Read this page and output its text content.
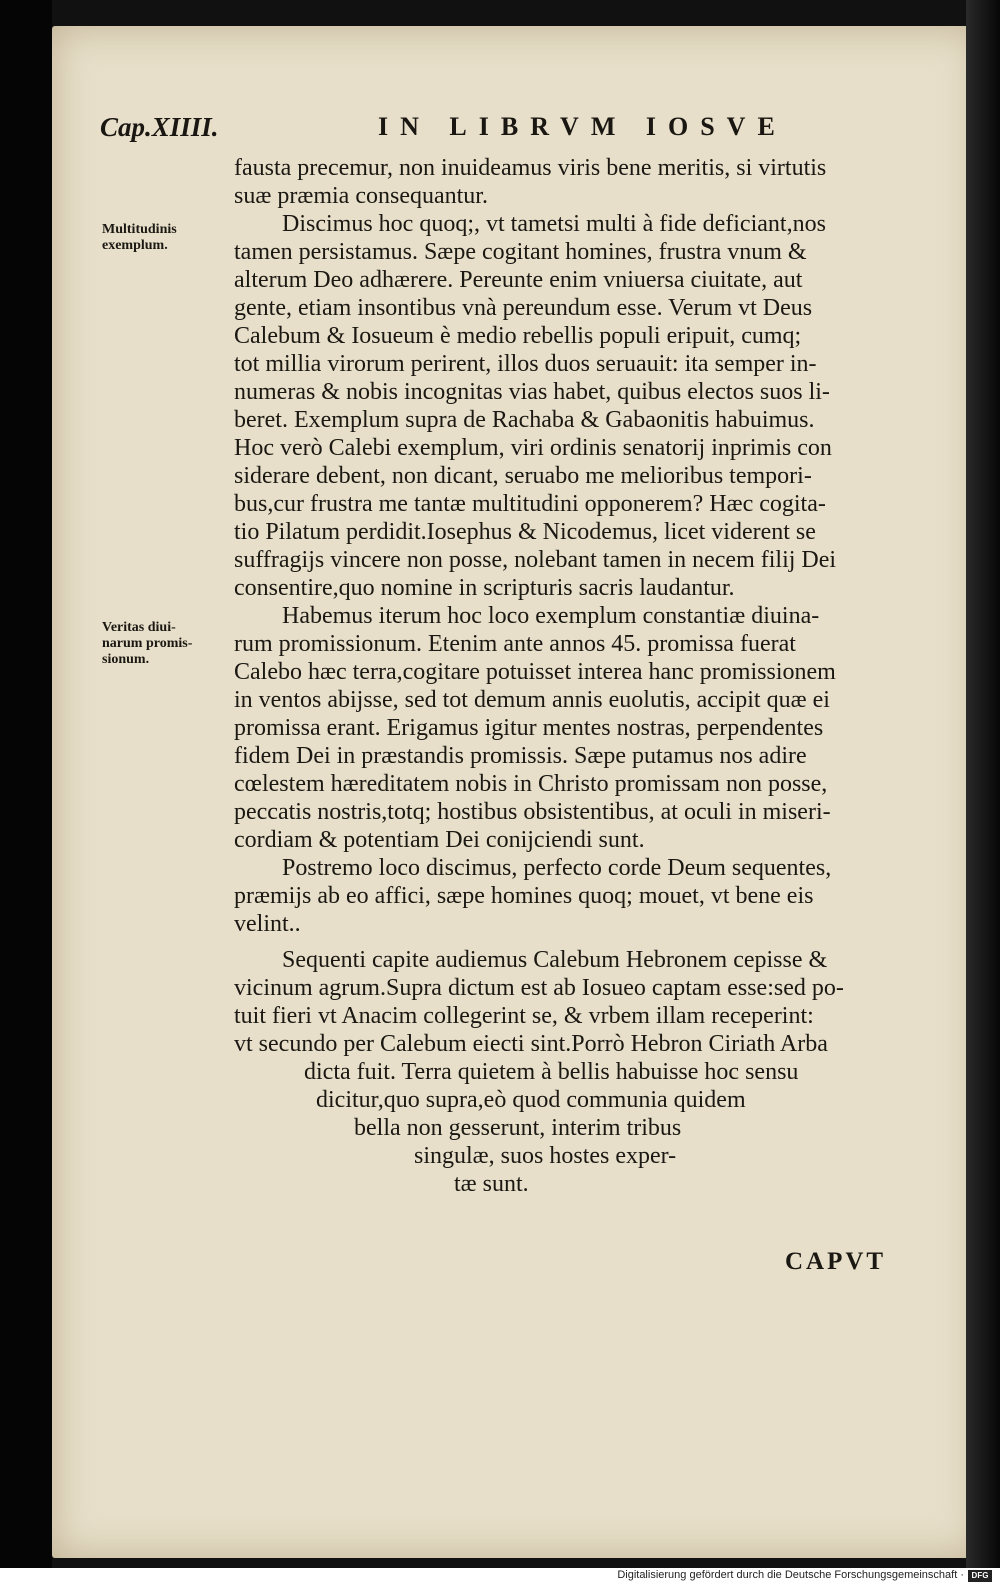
Cap.XIIII.	IN LIBRVM IOSVE
Multitudinis
exemplum.
Veritas diui-
narum promis-
sionum.
fausta precemur, non inuideamus viris bene meritis, si virtutis
suæ præmia consequantur.
Discimus hoc quoq;, vt tametsi multi à fide deficiant,nos
tamen persistamus. Sæpe cogitant homines, frustra vnum &
alterum Deo adhærere. Pereunte enim vniuersa ciuitate, aut
gente, etiam insontibus vnà pereundum esse. Verum vt Deus
Calebum & Iosueum è medio rebellis populi eripuit, cumq;
tot millia virorum perirent, illos duos seruauit: ita semper in-
numeras & nobis incognitas vias habet, quibus electos suos li-
beret. Exemplum supra de Rachaba & Gabaonitis habuimus.
Hoc verò Calebi exemplum, viri ordinis senatorij inprimis con
siderare debent, non dicant, seruabo me melioribus tempori-
bus,cur frustra me tantæ multitudini opponerem? Hæc cogita-
tio Pilatum perdidit.Iosephus & Nicodemus, licet viderent se
suffragijs vincere non posse, nolebant tamen in necem filij Dei
consentire,quo nomine in scripturis sacris laudantur.
Habemus iterum hoc loco exemplum constantiæ diuina-
rum promissionum. Etenim ante annos 45. promissa fuerat
Calebo hæc terra,cogitare potuisset interea hanc promissionem
in ventos abijsse, sed tot demum annis euolutis, accipit quæ ei
promissa erant. Erigamus igitur mentes nostras, perpendentes
fidem Dei in præstandis promissis. Sæpe putamus nos adire
cœlestem hæreditatem nobis in Christo promissam non posse,
peccatis nostris,totq; hostibus obsistentibus, at oculi in miseri-
cordiam & potentiam Dei conijciendi sunt.
Postremo loco discimus, perfecto corde Deum sequentes,
præmijs ab eo affici, sæpe homines quoq; mouet, vt bene eis
velint..
Sequenti capite audiemus Calebum Hebronem cepisse &
vicinum agrum.Supra dictum est ab Iosueo captam esse:sed po-
tuit fieri vt Anacim collegerint se, & vrbem illam receperint:
vt secundo per Calebum eiecti sint.Porrò Hebron Ciriath Arba
dicta fuit. Terra quietem à bellis habuisse hoc sensu
dicitur,quo supra,eò quod communia quidem
bella non gesserunt, interim tribus
singulæ, suos hostes exper-
tæ sunt.
CAPVT
Digitalisierung gefördert durch die Deutsche Forschungsgemeinschaft · DFG
